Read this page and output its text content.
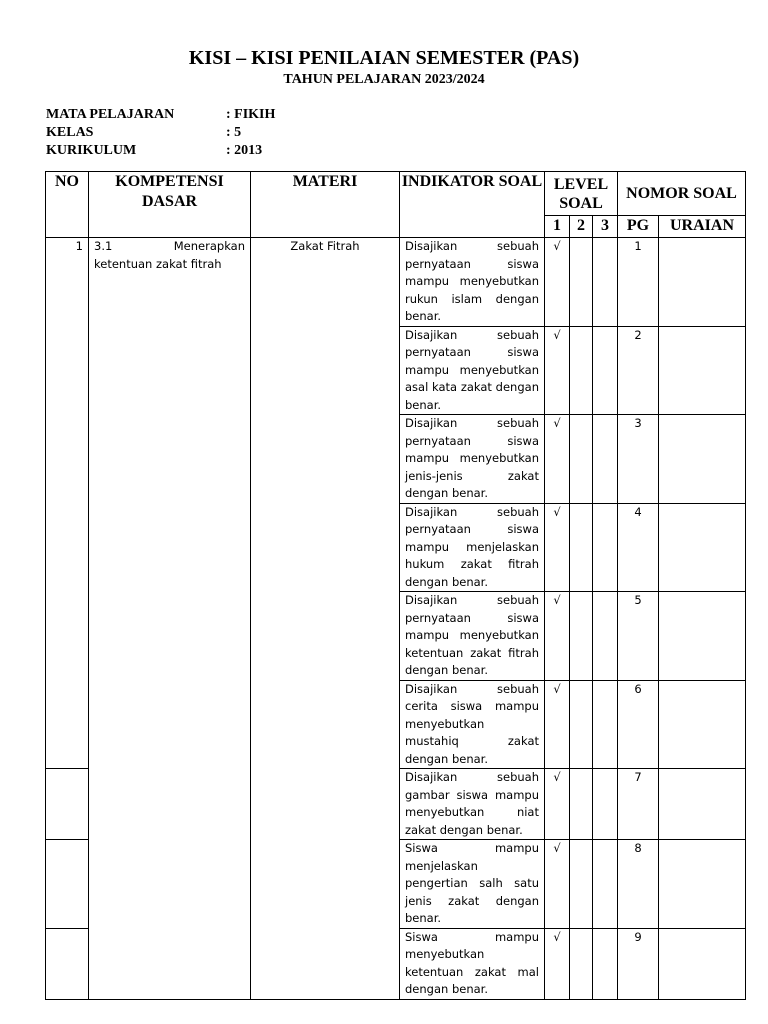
KISI – KISI PENILAIAN SEMESTER (PAS)
TAHUN PELAJARAN 2023/2024
MATA PELAJARAN	: FIKIH
KELAS	: 5
KURIKULUM	: 2013
NO	KOMPETENSI DASAR	MATERI	INDIKATOR SOAL	LEVEL SOAL			NOMOR SOAL	
				1	2	3	PG	URAIAN
1	3.1 Menerapkan ketentuan zakat fitrah	Zakat Fitrah	Disajikan sebuah pernyataan siswa mampu menyebutkan rukun islam dengan benar.	√			1	
			Disajikan sebuah pernyataan siswa mampu menyebutkan asal kata zakat dengan benar.	√			2	
			Disajikan sebuah pernyataan siswa mampu menyebutkan jenis-jenis zakat dengan benar.	√			3	
			Disajikan sebuah pernyataan siswa mampu menjelaskan hukum zakat fitrah dengan benar.	√			4	
			Disajikan sebuah pernyataan siswa mampu menyebutkan ketentuan zakat fitrah dengan benar.	√			5	
			Disajikan sebuah cerita siswa mampu menyebutkan mustahiq zakat dengan benar.	√			6	
			Disajikan sebuah gambar siswa mampu menyebutkan niat zakat dengan benar.	√			7	
			Siswa mampu menjelaskan pengertian salh satu jenis zakat dengan benar.	√			8	
			Siswa mampu menyebutkan ketentuan zakat mal dengan benar.	√			9	
